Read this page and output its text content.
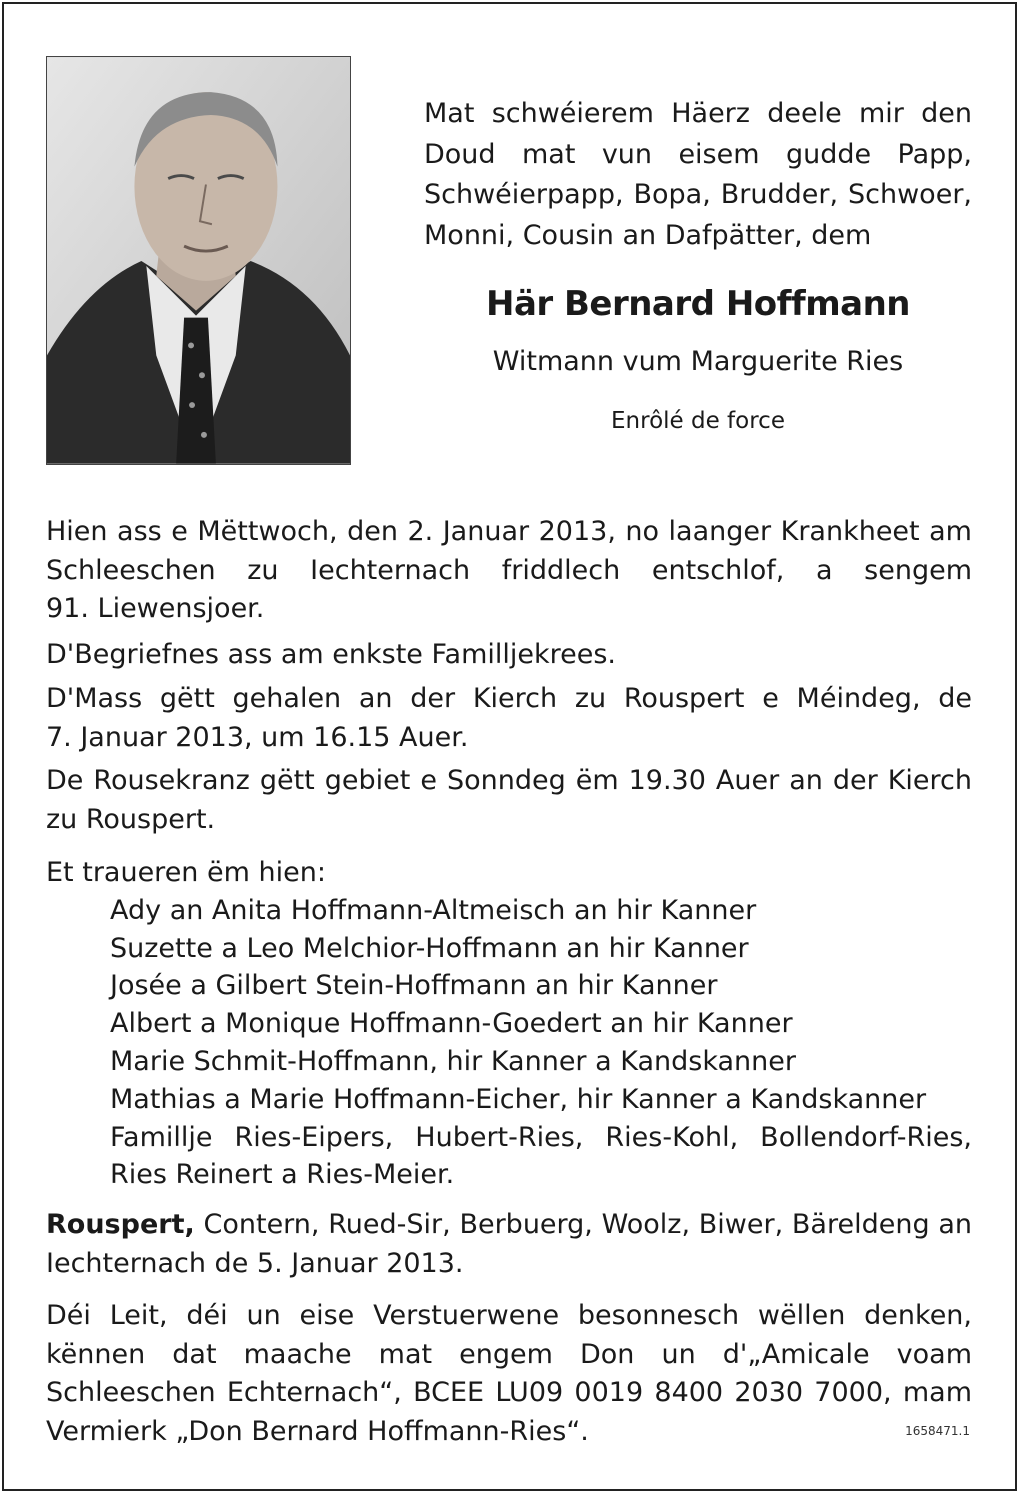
Mat schwéierem Häerz deele mir den
Doud mat vun eisem gudde Papp,
Schwéierpapp, Bopa, Brudder, Schwoer,
Monni, Cousin an Dafpätter, dem
Här Bernard Hoffmann
Witmann vum Marguerite Ries
Enrôlé de force
Hien ass e Mëttwoch, den 2. Januar 2013, no laanger Krankheet am
Schleeschen zu Iechternach friddlech entschlof, a sengem
91. Liewensjoer.
D'Begriefnes ass am enkste Familljekrees.
D'Mass gëtt gehalen an der Kierch zu Rouspert e Méindeg, de
7. Januar 2013, um 16.15 Auer.
De Rousekranz gëtt gebiet e Sonndeg ëm 19.30 Auer an der Kierch
zu Rouspert.
Et traueren ëm hien:
Ady an Anita Hoffmann-Altmeisch an hir Kanner
Suzette a Leo Melchior-Hoffmann an hir Kanner
Josée a Gilbert Stein-Hoffmann an hir Kanner
Albert a Monique Hoffmann-Goedert an hir Kanner
Marie Schmit-Hoffmann, hir Kanner a Kandskanner
Mathias a Marie Hoffmann-Eicher, hir Kanner a Kandskanner
Famillje Ries-Eipers, Hubert-Ries, Ries-Kohl, Bollendorf-Ries,
Ries Reinert a Ries-Meier.
Rouspert, Contern, Rued-Sir, Berbuerg, Woolz, Biwer, Bäreldeng an
Iechternach de 5. Januar 2013.
Déi Leit, déi un eise Verstuerwene besonnesch wëllen denken,
kënnen dat maache mat engem Don un d'„Amicale voam
Schleeschen Echternach“, BCEE LU09 0019 8400 2030 7000, mam
Vermierk „Don Bernard Hoffmann-Ries“.	1658471.1
